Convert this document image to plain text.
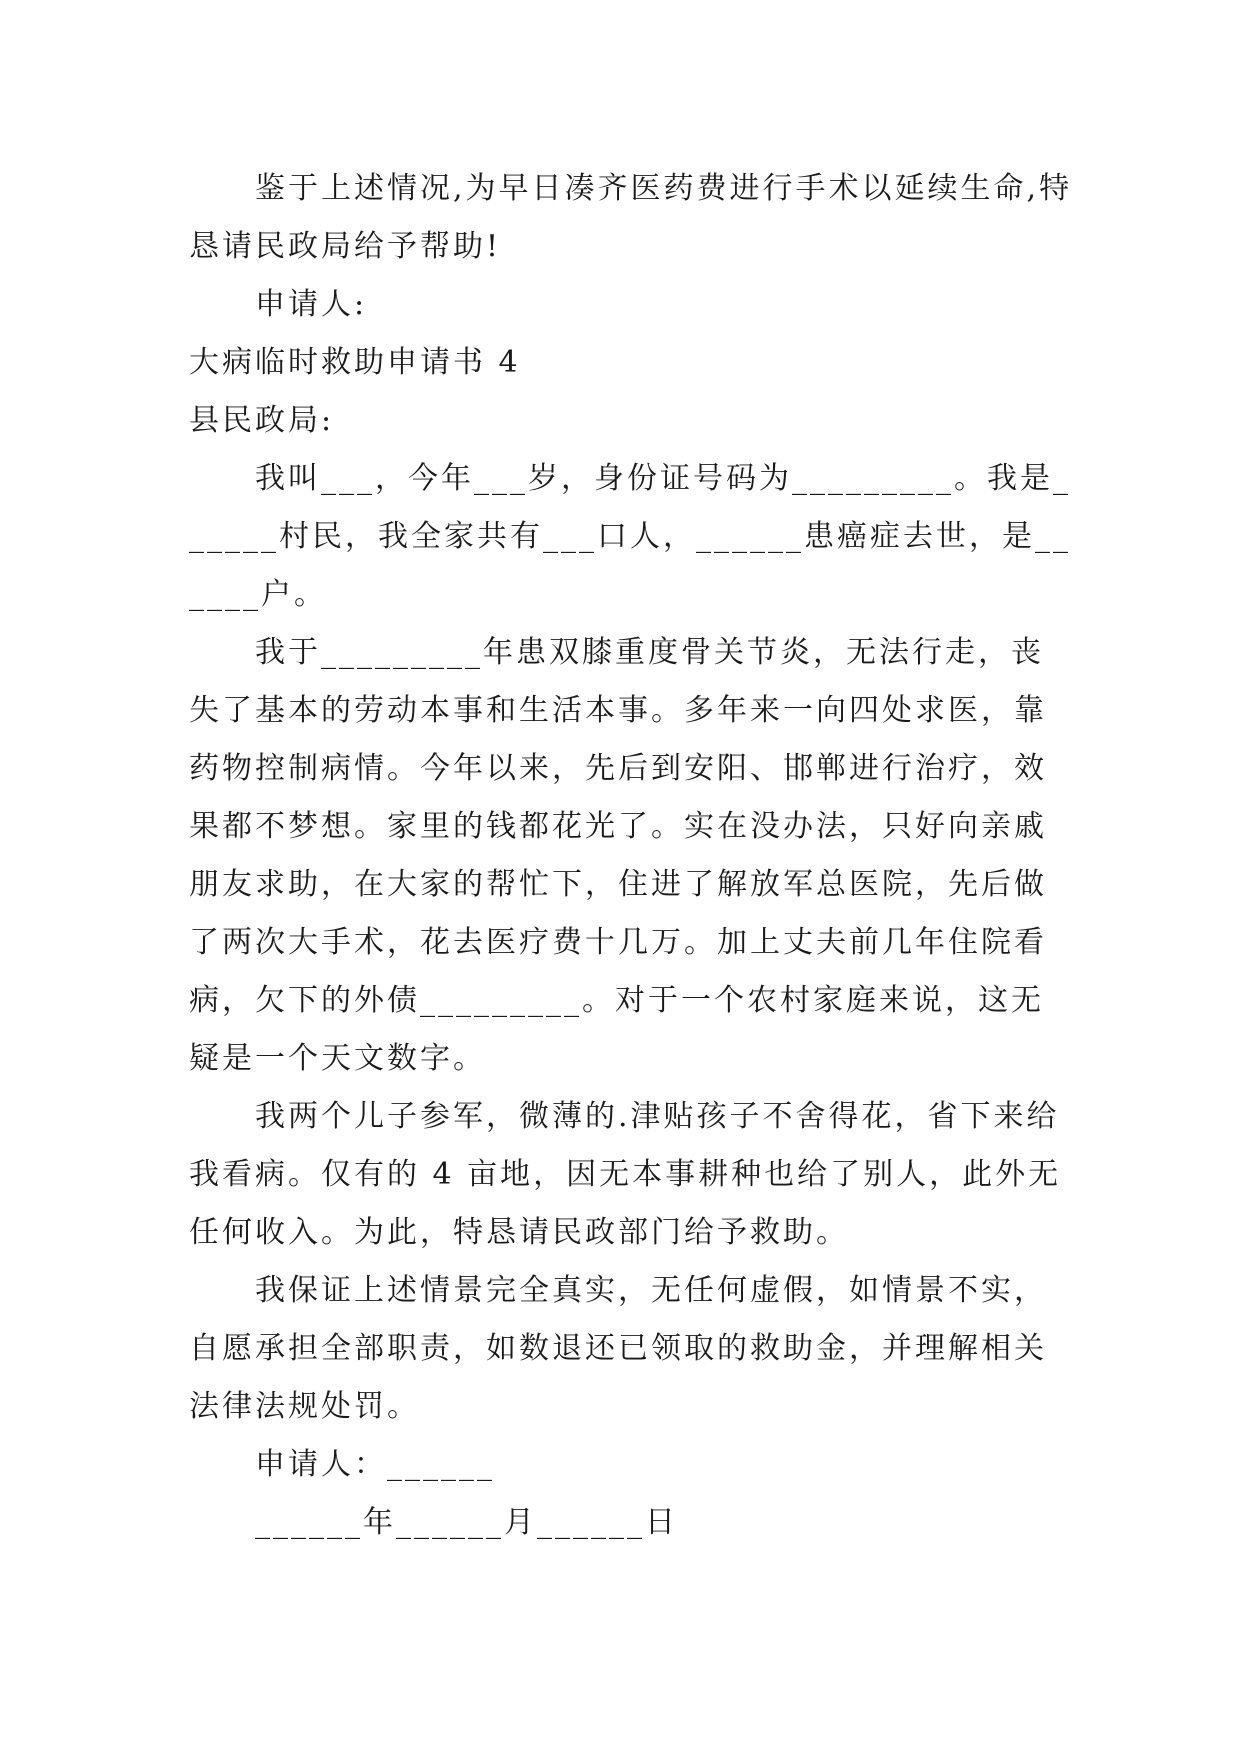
鉴于上述情况,为早日凑齐医药费进行手术以延续生命,特恳请民政局给予帮助!

申请人:

大病临时救助申请书 4

县民政局:

我叫___，今年___岁，身份证号码为_________。我是______村民，我全家共有___口人，______患癌症去世，是______户。

我于_________年患双膝重度骨关节炎，无法行走，丧失了基本的劳动本事和生活本事。多年来一向四处求医，靠药物控制病情。今年以来，先后到安阳、邯郸进行治疗，效果都不梦想。家里的钱都花光了。实在没办法，只好向亲戚朋友求助，在大家的帮忙下，住进了解放军总医院，先后做了两次大手术，花去医疗费十几万。加上丈夫前几年住院看病，欠下的外债_________。对于一个农村家庭来说，这无疑是一个天文数字。

我两个儿子参军，微薄的.津贴孩子不舍得花，省下来给我看病。仅有的 4 亩地，因无本事耕种也给了别人，此外无任何收入。为此，特恳请民政部门给予救助。

我保证上述情景完全真实，无任何虚假，如情景不实，自愿承担全部职责，如数退还已领取的救助金，并理解相关法律法规处罚。

申请人：______

______年______月______日
